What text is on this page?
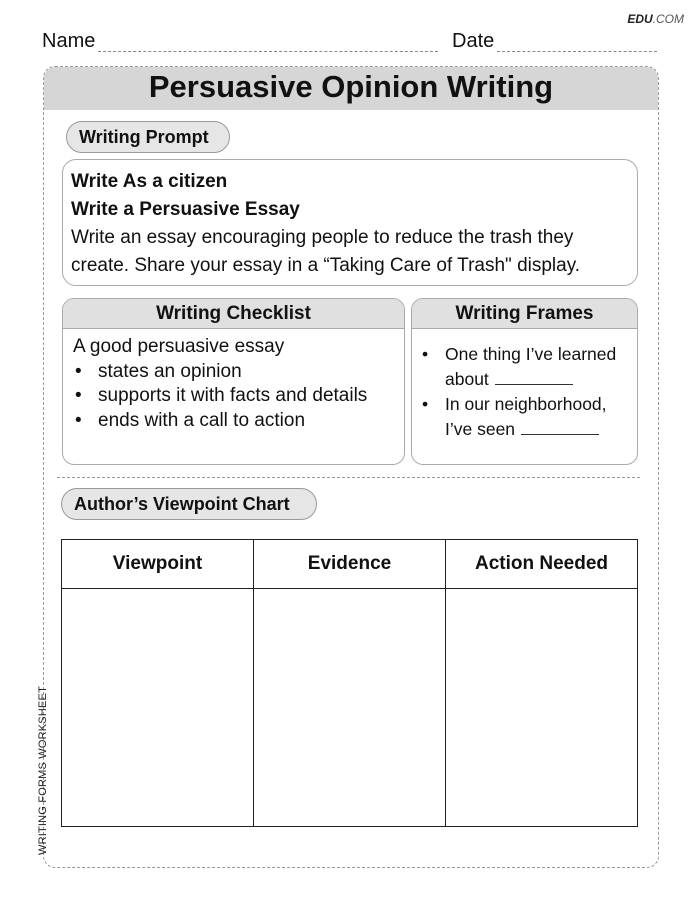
EDU.COM
Name	Date
Persuasive Opinion Writing
Writing Prompt
Write As a citizen
Write a Persuasive Essay
Write an essay encouraging people to reduce the trash they create. Share your essay in a “Taking Care of Trash" display.
Writing Checklist
A good persuasive essay
• states an opinion
• supports it with facts and details
• ends with a call to action
Writing Frames
• One thing I’ve learned about
• In our neighborhood, I’ve seen
Author’s Viewpoint Chart
Viewpoint	Evidence	Action Needed

WRITING FORMS WORKSHEET
